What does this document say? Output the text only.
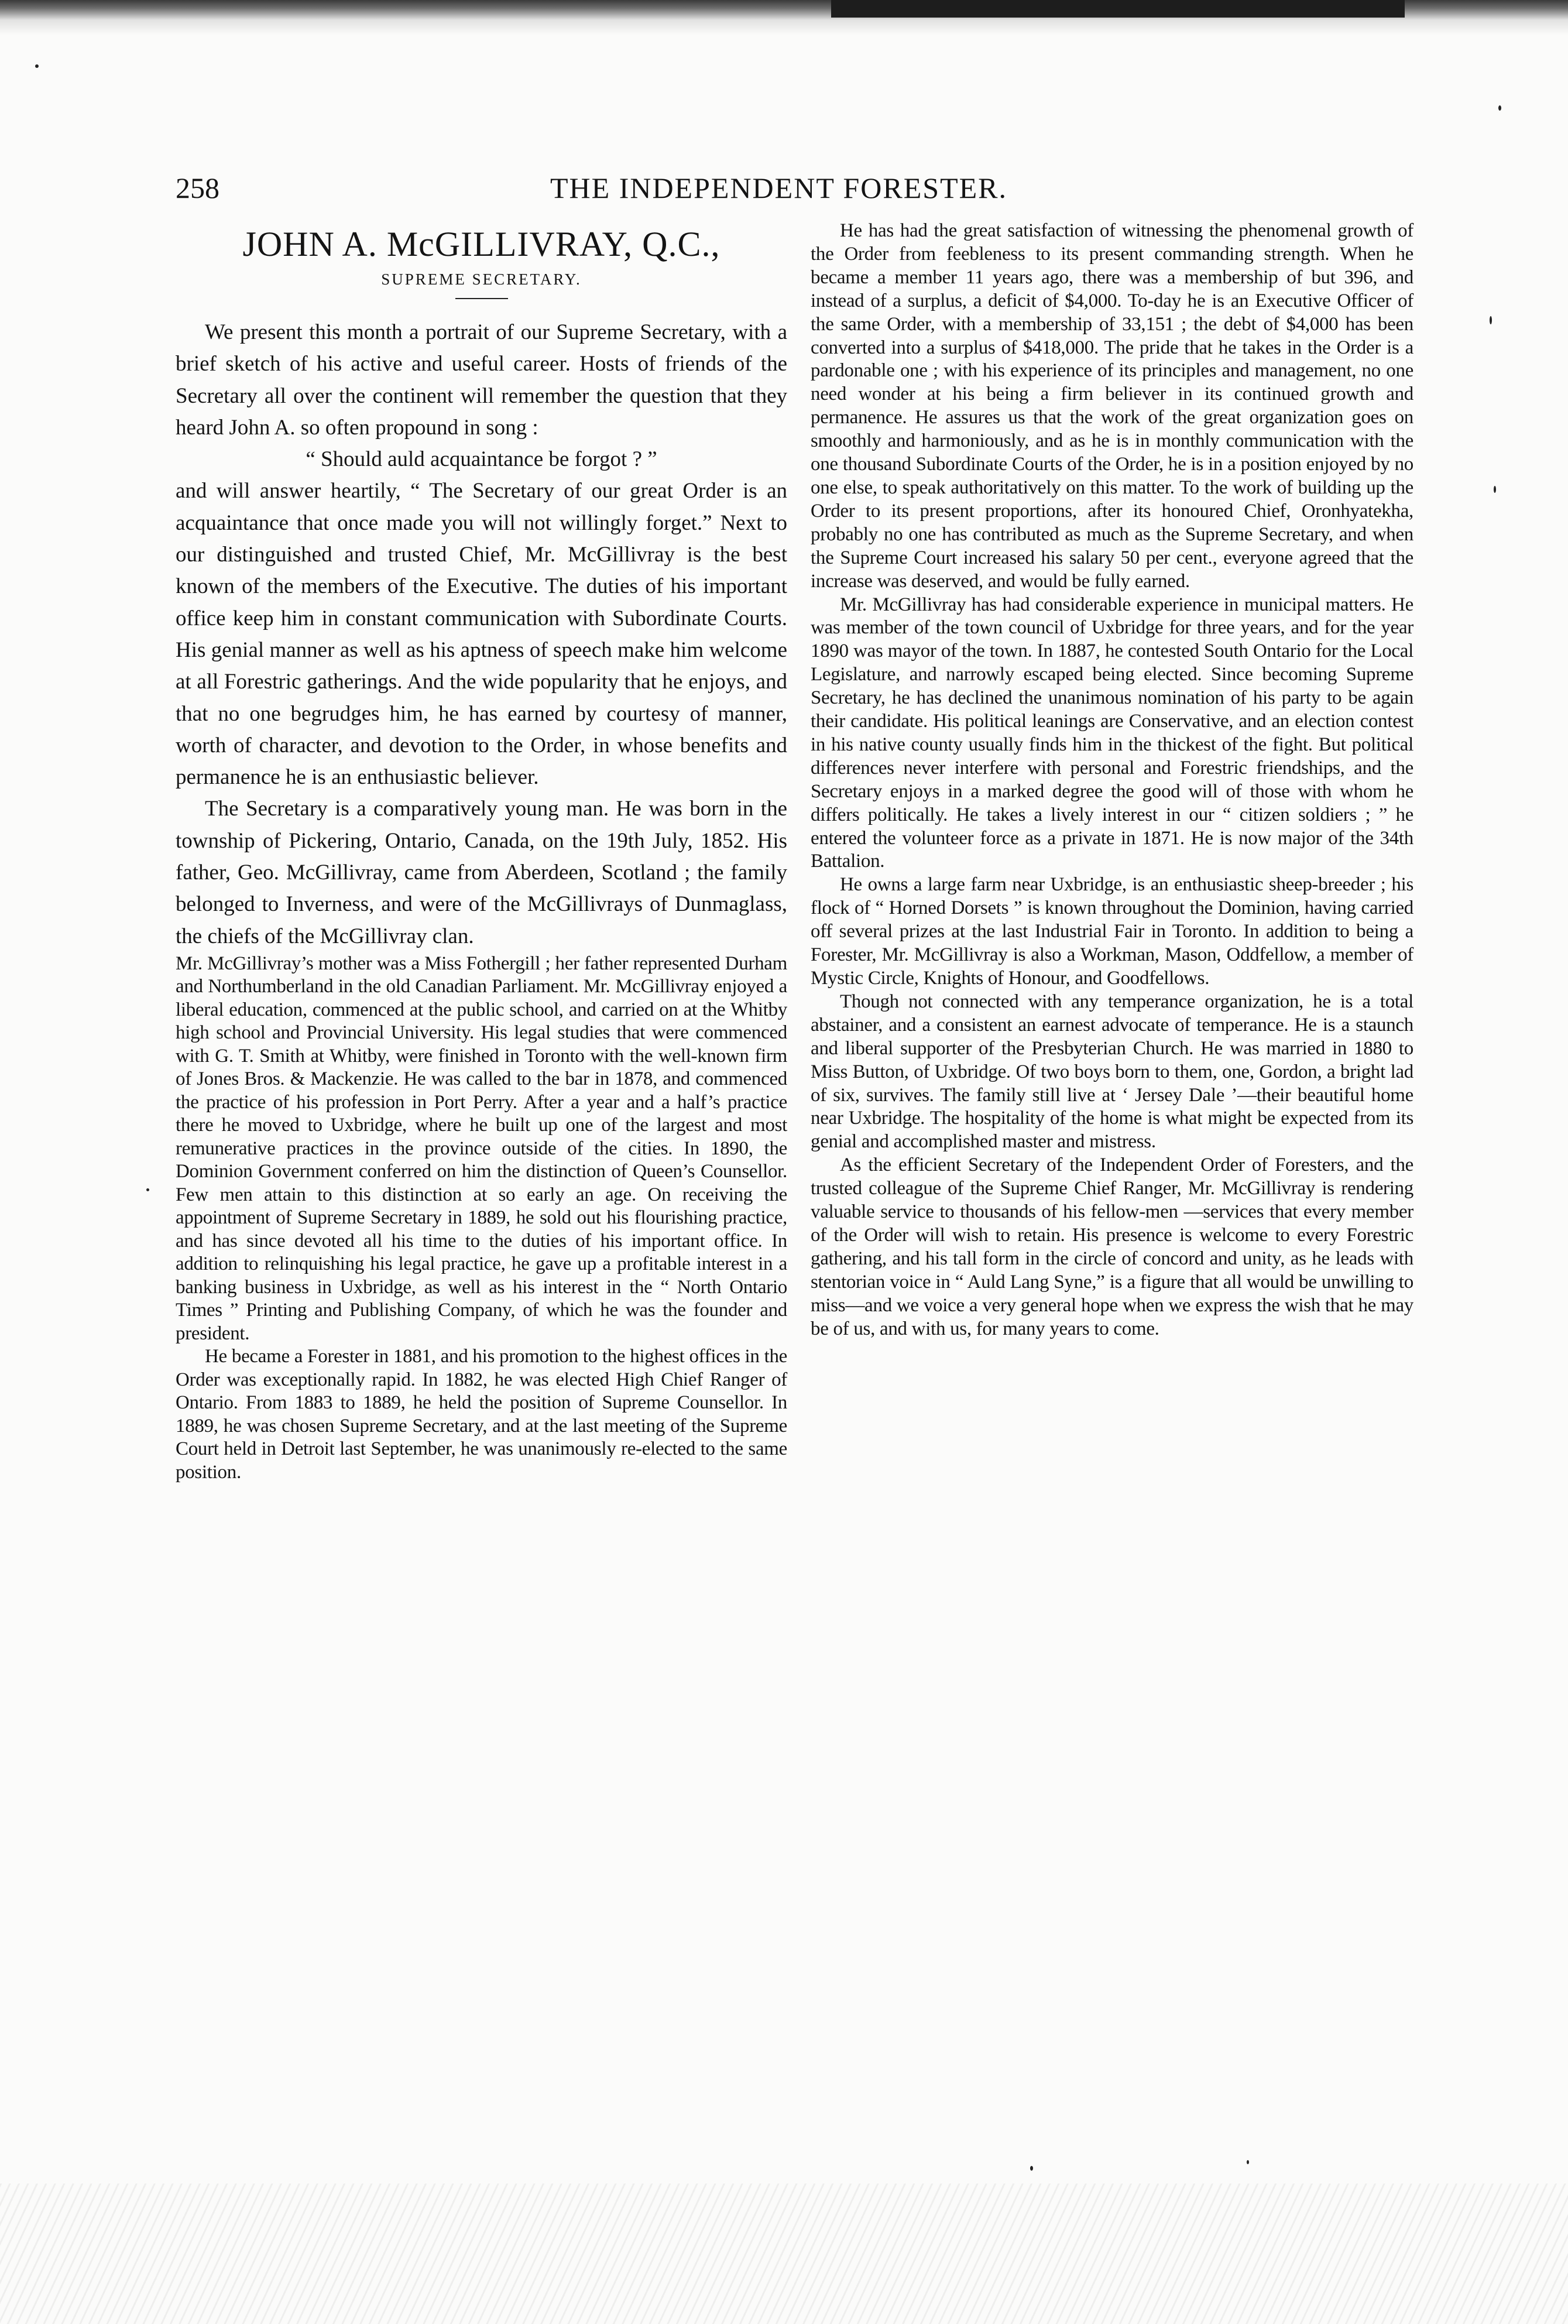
258	THE INDEPENDENT FORESTER.
JOHN A. McGILLIVRAY, Q.C.,
SUPREME SECRETARY.

We present this month a portrait of our Supreme Secretary, with a brief sketch of his active and useful career. Hosts of friends of the Secretary all over the continent will remember the question that they heard John A. so often propound in song :

“ Should auld acquaintance be forgot ? ”

and will answer heartily, “ The Secretary of our great Order is an acquaintance that once made you will not willingly forget.” Next to our distinguished and trusted Chief, Mr. McGillivray is the best known of the members of the Executive. The duties of his important office keep him in constant communication with Subordinate Courts. His genial manner as well as his aptness of speech make him welcome at all Forestric gatherings. And the wide popularity that he enjoys, and that no one begrudges him, he has earned by courtesy of manner, worth of character, and devotion to the Order, in whose benefits and permanence he is an enthusiastic believer.

The Secretary is a comparatively young man. He was born in the township of Pickering, Ontario, Canada, on the 19th July, 1852. His father, Geo. McGillivray, came from Aberdeen, Scotland ; the family belonged to Inverness, and were of the McGillivrays of Dunmaglass, the chiefs of the McGillivray clan.

Mr. McGillivray’s mother was a Miss Fothergill ; her father represented Durham and Northumberland in the old Canadian Parliament. Mr. McGillivray enjoyed a liberal education, commenced at the public school, and carried on at the Whitby high school and Provincial University. His legal studies that were commenced with G. T. Smith at Whitby, were finished in Toronto with the well-known firm of Jones Bros. & Mackenzie. He was called to the bar in 1878, and commenced the practice of his profession in Port Perry. After a year and a half’s practice there he moved to Uxbridge, where he built up one of the largest and most remunerative practices in the province outside of the cities. In 1890, the Dominion Government conferred on him the distinction of Queen’s Counsellor. Few men attain to this distinction at so early an age. On receiving the appointment of Supreme Secretary in 1889, he sold out his flourishing practice, and has since devoted all his time to the duties of his important office. In addition to relinquishing his legal practice, he gave up a profitable interest in a banking business in Uxbridge, as well as his interest in the “ North Ontario Times ” Printing and Publishing Company, of which he was the founder and president.

He became a Forester in 1881, and his promotion to the highest offices in the Order was exceptionally rapid. In 1882, he was elected High Chief Ranger of Ontario. From 1883 to 1889, he held the position of Supreme Counsellor. In 1889, he was chosen Supreme Secretary, and at the last meeting of the Supreme Court held in Detroit last September, he was unanimously re-elected to the same position.

He has had the great satisfaction of witnessing the phenomenal growth of the Order from feebleness to its present commanding strength. When he became a member 11 years ago, there was a membership of but 396, and instead of a surplus, a deficit of $4,000. To-day he is an Executive Officer of the same Order, with a membership of 33,151 ; the debt of $4,000 has been converted into a surplus of $418,000. The pride that he takes in the Order is a pardonable one ; with his experience of its principles and management, no one need wonder at his being a firm believer in its continued growth and permanence. He assures us that the work of the great organization goes on smoothly and harmoniously, and as he is in monthly communication with the one thousand Subordinate Courts of the Order, he is in a position enjoyed by no one else, to speak authoritatively on this matter. To the work of building up the Order to its present proportions, after its honoured Chief, Oronhyatekha, probably no one has contributed as much as the Supreme Secretary, and when the Supreme Court increased his salary 50 per cent., everyone agreed that the increase was deserved, and would be fully earned.

Mr. McGillivray has had considerable experience in municipal matters. He was member of the town council of Uxbridge for three years, and for the year 1890 was mayor of the town. In 1887, he contested South Ontario for the Local Legislature, and narrowly escaped being elected. Since becoming Supreme Secretary, he has declined the unanimous nomination of his party to be again their candidate. His political leanings are Conservative, and an election contest in his native county usually finds him in the thickest of the fight. But political differences never interfere with personal and Forestric friendships, and the Secretary enjoys in a marked degree the good will of those with whom he differs politically. He takes a lively interest in our “ citizen soldiers ; ” he entered the volunteer force as a private in 1871. He is now major of the 34th Battalion.

He owns a large farm near Uxbridge, is an enthusiastic sheep-breeder ; his flock of “ Horned Dorsets ” is known throughout the Dominion, having carried off several prizes at the last Industrial Fair in Toronto. In addition to being a Forester, Mr. McGillivray is also a Workman, Mason, Oddfellow, a member of Mystic Circle, Knights of Honour, and Goodfellows.

Though not connected with any temperance organization, he is a total abstainer, and a consistent an earnest advocate of temperance. He is a staunch and liberal supporter of the Presbyterian Church. He was married in 1880 to Miss Button, of Uxbridge. Of two boys born to them, one, Gordon, a bright lad of six, survives. The family still live at ‘ Jersey Dale ’—their beautiful home near Uxbridge. The hospitality of the home is what might be expected from its genial and accomplished master and mistress.

As the efficient Secretary of the Independent Order of Foresters, and the trusted colleague of the Supreme Chief Ranger, Mr. McGillivray is rendering valuable service to thousands of his fellow-men —services that every member of the Order will wish to retain. His presence is welcome to every Forestric gathering, and his tall form in the circle of concord and unity, as he leads with stentorian voice in “ Auld Lang Syne,” is a figure that all would be unwilling to miss—and we voice a very general hope when we express the wish that he may be of us, and with us, for many years to come.
